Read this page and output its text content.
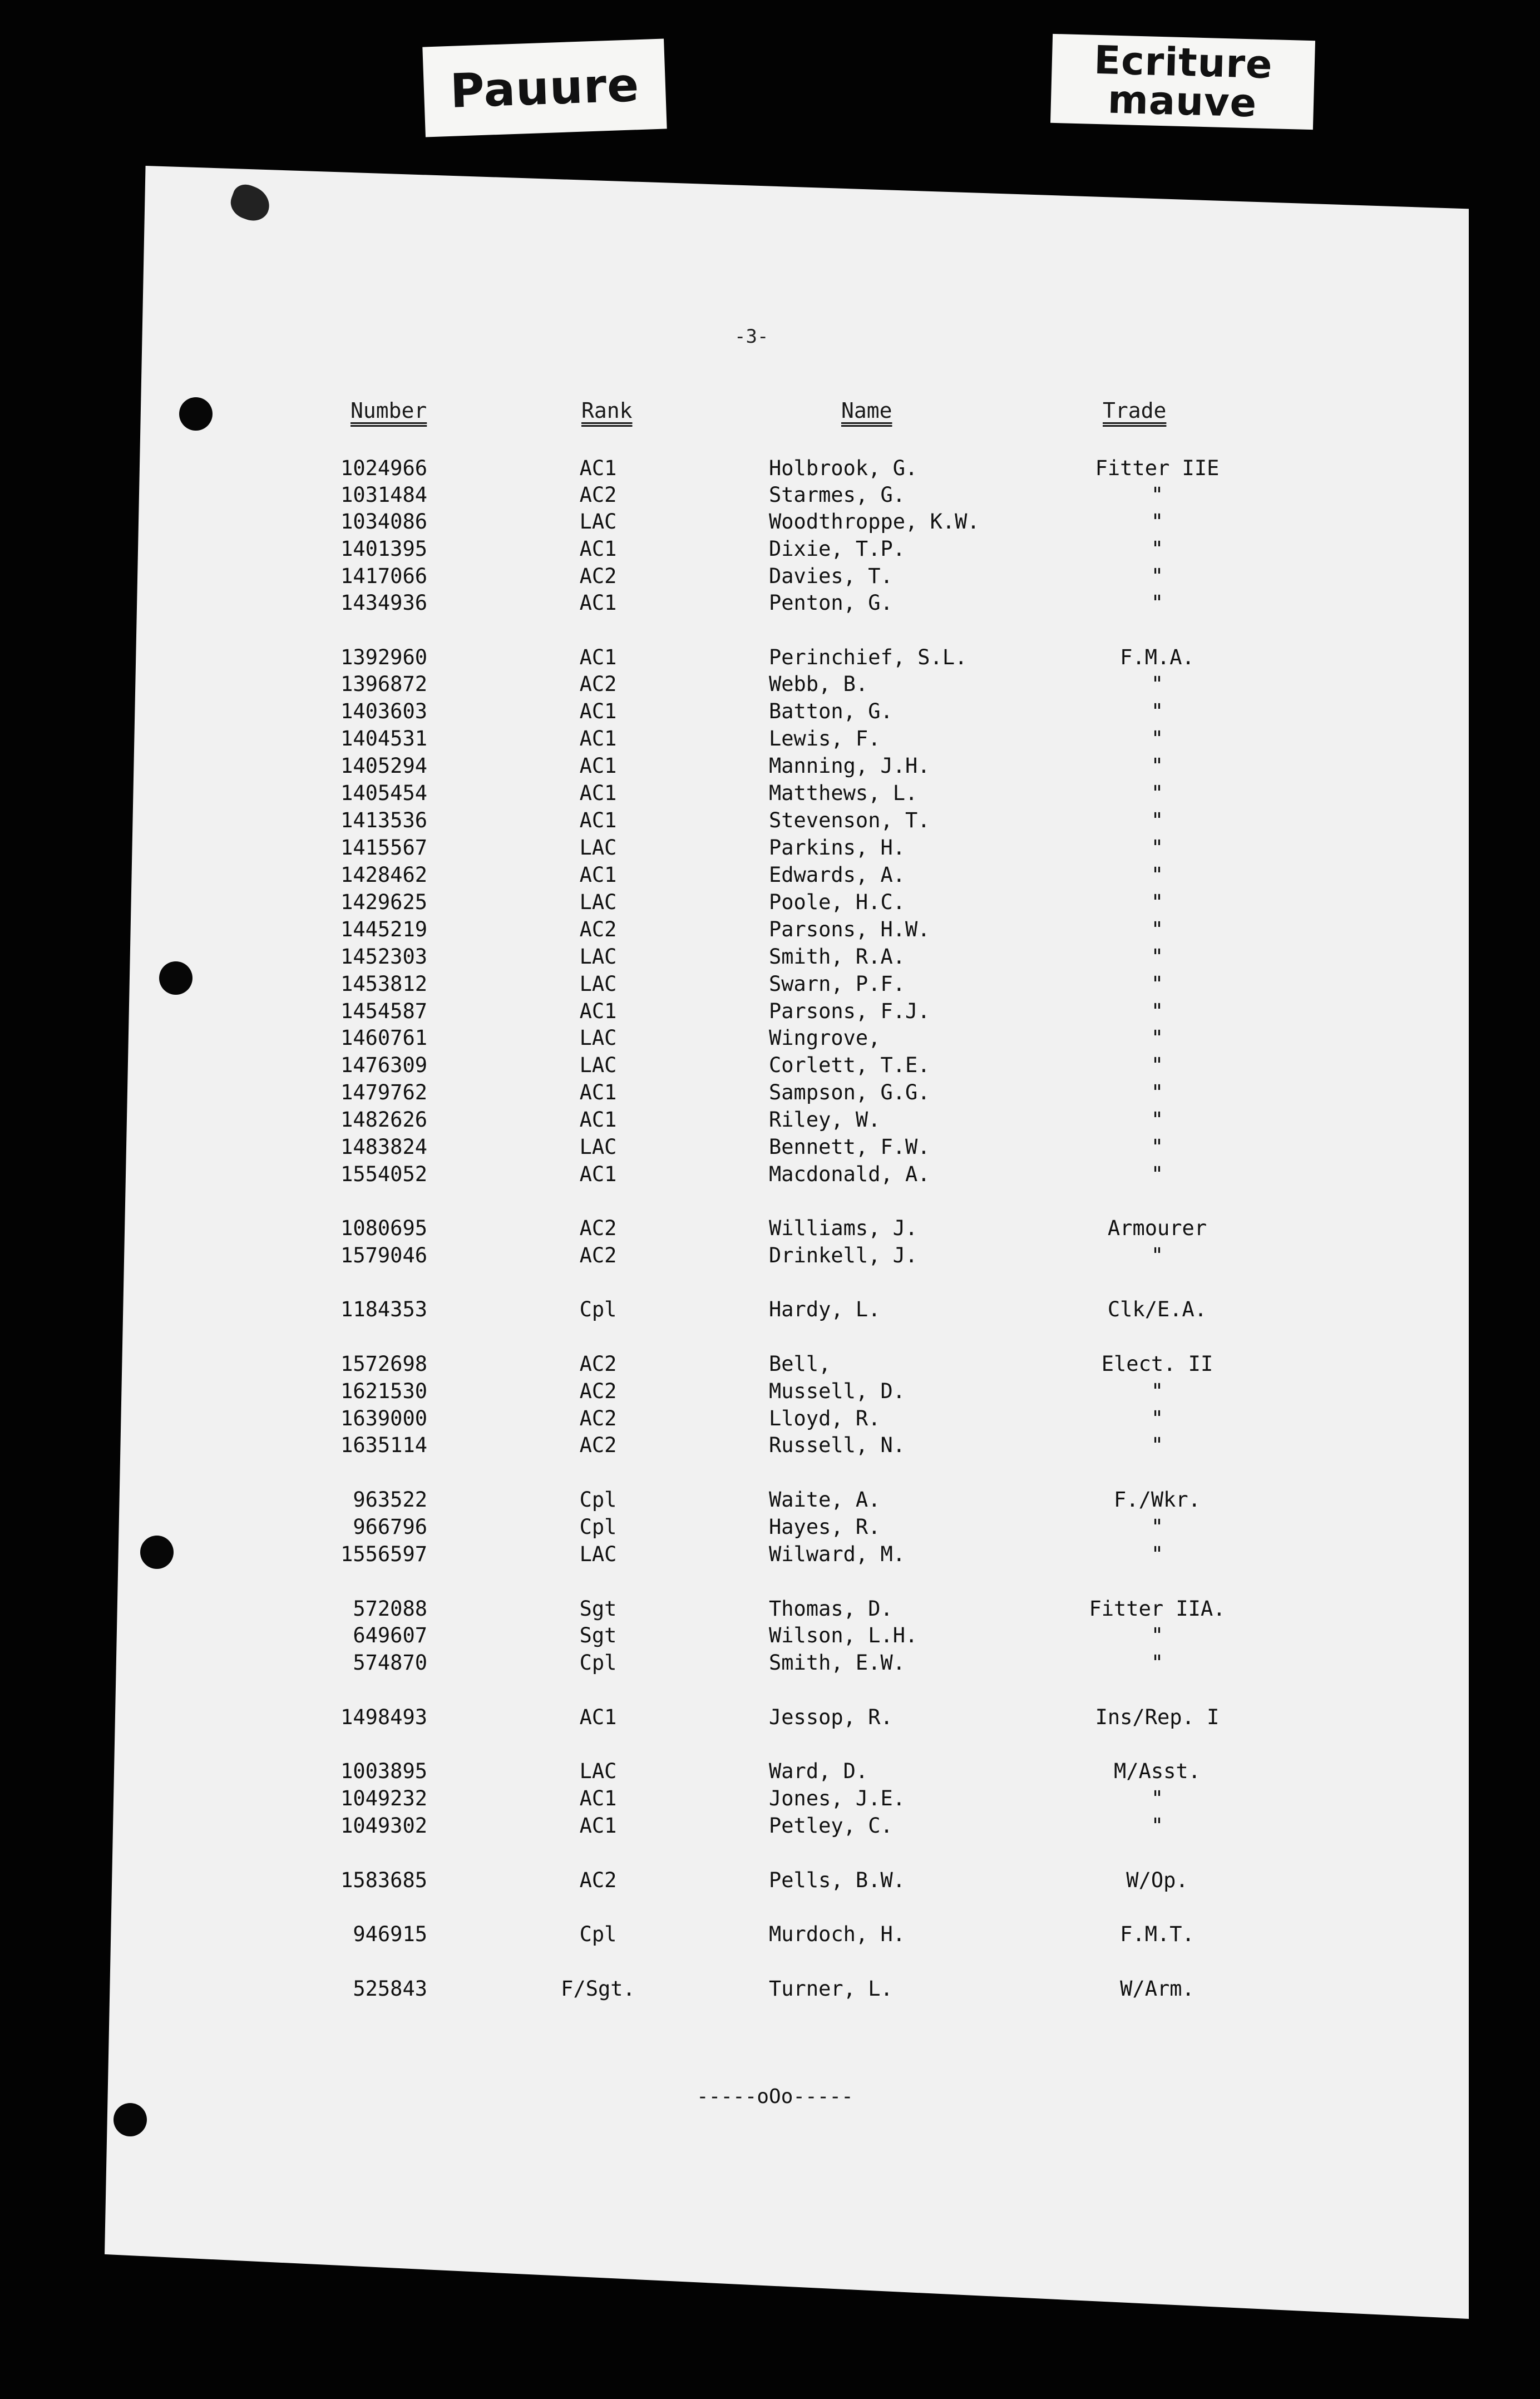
Pauure	Ecriture
mauve
-3-
Number	Rank	Name	Trade
1024966	AC1	Holbrook, G.	Fitter IIE
1031484	AC2	Starmes, G.	"
1034086	LAC	Woodthroppe, K.W.	"
1401395	AC1	Dixie, T.P.	"
1417066	AC2	Davies, T.	"
1434936	AC1	Penton, G.	"
1392960	AC1	Perinchief, S.L.	F.M.A.
1396872	AC2	Webb, B.	"
1403603	AC1	Batton, G.	"
1404531	AC1	Lewis, F.	"
1405294	AC1	Manning, J.H.	"
1405454	AC1	Matthews, L.	"
1413536	AC1	Stevenson, T.	"
1415567	LAC	Parkins, H.	"
1428462	AC1	Edwards, A.	"
1429625	LAC	Poole, H.C.	"
1445219	AC2	Parsons, H.W.	"
1452303	LAC	Smith, R.A.	"
1453812	LAC	Swarn, P.F.	"
1454587	AC1	Parsons, F.J.	"
1460761	LAC	Wingrove,	"
1476309	LAC	Corlett, T.E.	"
1479762	AC1	Sampson, G.G.	"
1482626	AC1	Riley, W.	"
1483824	LAC	Bennett, F.W.	"
1554052	AC1	Macdonald, A.	"
1080695	AC2	Williams, J.	Armourer
1579046	AC2	Drinkell, J.	"
1184353	Cpl	Hardy, L.	Clk/E.A.
1572698	AC2	Bell,	Elect. II
1621530	AC2	Mussell, D.	"
1639000	AC2	Lloyd, R.	"
1635114	AC2	Russell, N.	"
963522	Cpl	Waite, A.	F./Wkr.
966796	Cpl	Hayes, R.	"
1556597	LAC	Wilward, M.	"
572088	Sgt	Thomas, D.	Fitter IIA.
649607	Sgt	Wilson, L.H.	"
574870	Cpl	Smith, E.W.	"
1498493	AC1	Jessop, R.	Ins/Rep. I
1003895	LAC	Ward, D.	M/Asst.
1049232	AC1	Jones, J.E.	"
1049302	AC1	Petley, C.	"
1583685	AC2	Pells, B.W.	W/Op.
946915	Cpl	Murdoch, H.	F.M.T.
525843	F/Sgt.	Turner, L.	W/Arm.
-----oOo-----
